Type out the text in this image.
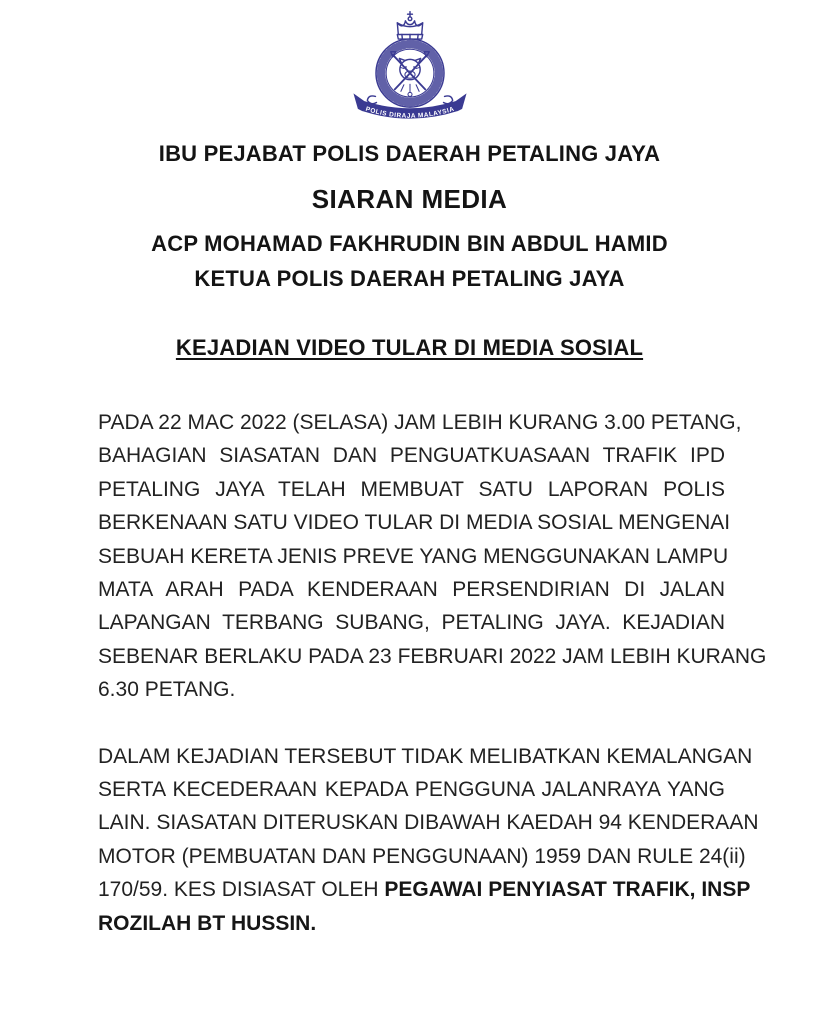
POLIS DIRAJA MALAYSIA
IBU PEJABAT POLIS DAERAH PETALING JAYA
SIARAN MEDIA
ACP MOHAMAD FAKHRUDIN BIN ABDUL HAMID
KETUA POLIS DAERAH PETALING JAYA
KEJADIAN VIDEO TULAR DI MEDIA SOSIAL
PADA 22 MAC 2022 (SELASA) JAM LEBIH KURANG 3.00 PETANG,
BAHAGIAN SIASATAN DAN PENGUATKUASAAN TRAFIK IPD
PETALING JAYA TELAH MEMBUAT SATU LAPORAN POLIS
BERKENAAN SATU VIDEO TULAR DI MEDIA SOSIAL MENGENAI
SEBUAH KERETA JENIS PREVE YANG MENGGUNAKAN LAMPU
MATA ARAH PADA KENDERAAN PERSENDIRIAN DI JALAN
LAPANGAN TERBANG SUBANG, PETALING JAYA. KEJADIAN
SEBENAR BERLAKU PADA 23 FEBRUARI 2022 JAM LEBIH KURANG
6.30 PETANG.
DALAM KEJADIAN TERSEBUT TIDAK MELIBATKAN KEMALANGAN
SERTA KECEDERAAN KEPADA PENGGUNA JALANRAYA YANG
LAIN. SIASATAN DITERUSKAN DIBAWAH KAEDAH 94 KENDERAAN
MOTOR (PEMBUATAN DAN PENGGUNAAN) 1959 DAN RULE 24(ii)
170/59. KES DISIASAT OLEH PEGAWAI PENYIASAT TRAFIK, INSP
ROZILAH BT HUSSIN.
